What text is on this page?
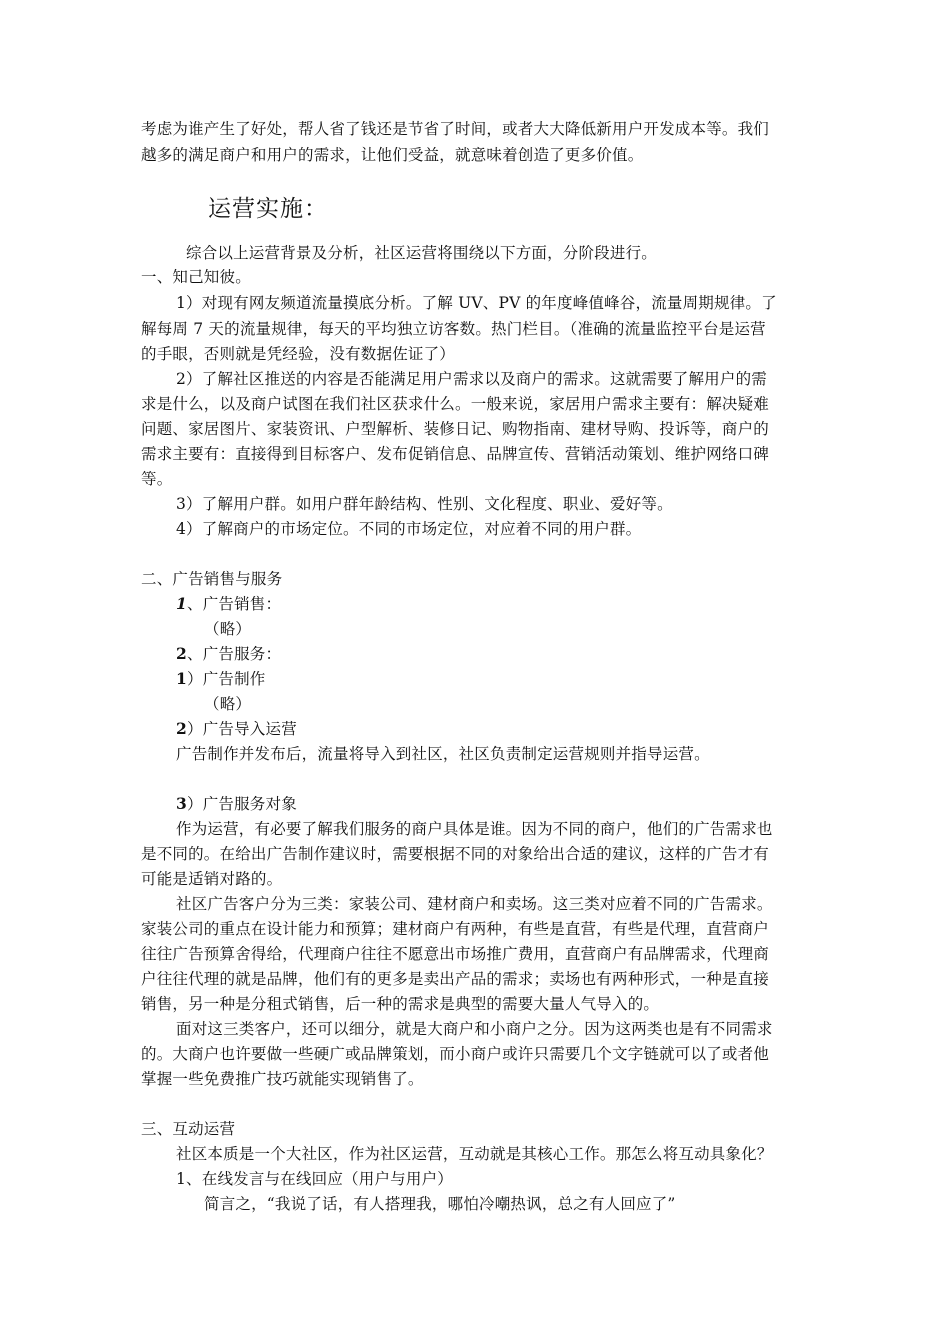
考虑为谁产生了好处，帮人省了钱还是节省了时间，或者大大降低新用户开发成本等。我们
越多的满足商户和用户的需求，让他们受益，就意味着创造了更多价值。
运营实施：
综合以上运营背景及分析，社区运营将围绕以下方面，分阶段进行。
一、知己知彼。
1）对现有网友频道流量摸底分析。了解 UV、PV 的年度峰值峰谷，流量周期规律。了
解每周 7 天的流量规律，每天的平均独立访客数。热门栏目。（准确的流量监控平台是运营
的手眼，否则就是凭经验，没有数据佐证了）
2）了解社区推送的内容是否能满足用户需求以及商户的需求。这就需要了解用户的需
求是什么，以及商户试图在我们社区获求什么。一般来说，家居用户需求主要有：解决疑难
问题、家居图片、家装资讯、户型解析、装修日记、购物指南、建材导购、投诉等，商户的
需求主要有：直接得到目标客户、发布促销信息、品牌宣传、营销活动策划、维护网络口碑
等。
3）了解用户群。如用户群年龄结构、性别、文化程度、职业、爱好等。
4）了解商户的市场定位。不同的市场定位，对应着不同的用户群。
二、广告销售与服务
1、广告销售：
（略）
2、广告服务：
1）广告制作
（略）
2）广告导入运营
广告制作并发布后，流量将导入到社区，社区负责制定运营规则并指导运营。
3）广告服务对象
作为运营，有必要了解我们服务的商户具体是谁。因为不同的商户，他们的广告需求也
是不同的。在给出广告制作建议时，需要根据不同的对象给出合适的建议，这样的广告才有
可能是适销对路的。
社区广告客户分为三类：家装公司、建材商户和卖场。这三类对应着不同的广告需求。
家装公司的重点在设计能力和预算；建材商户有两种，有些是直营，有些是代理，直营商户
往往广告预算舍得给，代理商户往往不愿意出市场推广费用，直营商户有品牌需求，代理商
户往往代理的就是品牌，他们有的更多是卖出产品的需求；卖场也有两种形式，一种是直接
销售，另一种是分租式销售，后一种的需求是典型的需要大量人气导入的。
面对这三类客户，还可以细分，就是大商户和小商户之分。因为这两类也是有不同需求
的。大商户也许要做一些硬广或品牌策划，而小商户或许只需要几个文字链就可以了或者他
掌握一些免费推广技巧就能实现销售了。
三、互动运营
社区本质是一个大社区，作为社区运营，互动就是其核心工作。那怎么将互动具象化？
1、在线发言与在线回应（用户与用户）
简言之，“我说了话，有人搭理我，哪怕冷嘲热讽，总之有人回应了”
